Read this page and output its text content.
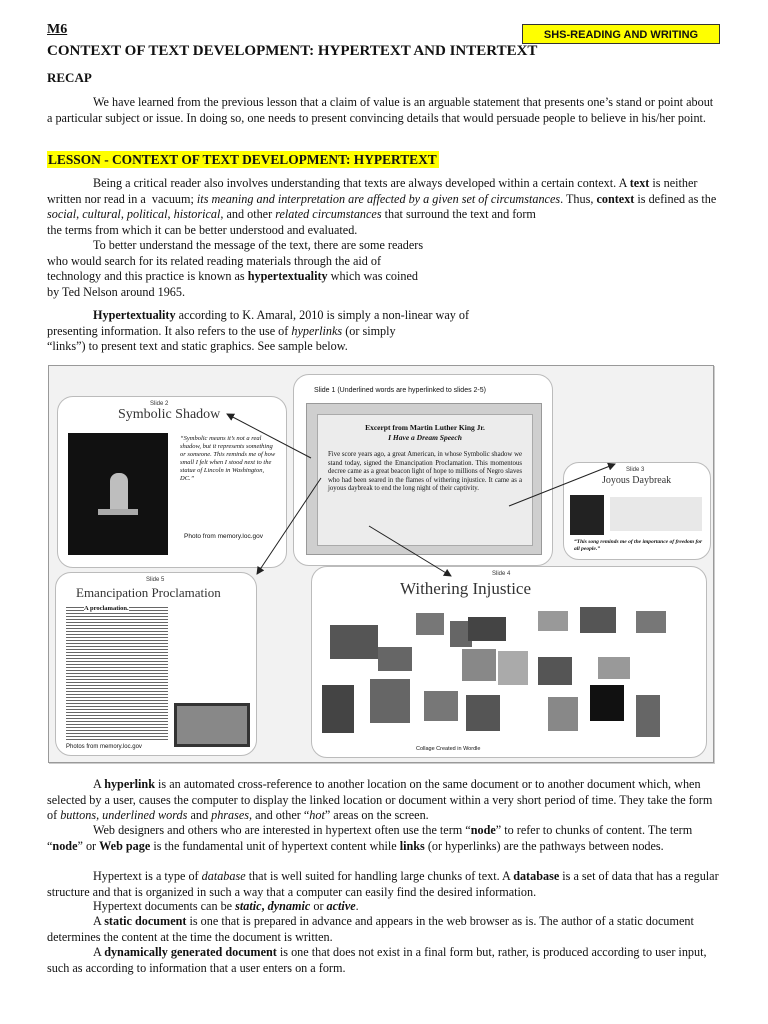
M6	SHS-READING AND WRITING
CONTEXT OF TEXT DEVELOPMENT: HYPERTEXT AND INTERTEXT
RECAP
We have learned from the previous lesson that a claim of value is an arguable statement that presents one’s stand or point about a particular subject or issue. In doing so, one needs to present convincing details that would persuade people to believe in his/her point.
LESSON - CONTEXT OF TEXT DEVELOPMENT: HYPERTEXT
Being a critical reader also involves understanding that texts are always developed within a certain context. A text is neither written nor read in a  vacuum; its meaning and interpretation are affected by a given set of circumstances. Thus, context is defined as the social, cultural, political, historical, and other related circumstances that surround the text and form
the terms from which it can be better understood and evaluated.
To better understand the message of the text, there are some readers
who would search for its related reading materials through the aid of
technology and this practice is known as hypertextuality which was coined
by Ted Nelson around 1965.
Hypertextuality according to K. Amaral, 2010 is simply a non-linear way of
presenting information. It also refers to the use of hyperlinks (or simply
“links”) to present text and static graphics. See sample below.
Slide 2
Symbolic Shadow
“Symbolic means it’s not a real shadow, but it represents something or someone. This reminds me of how small I felt when I stood next to the statue of Lincoln in Washington, DC.”
Photo from memory.loc.gov
Slide 1 (Underlined words are hyperlinked to slides 2-5)
Excerpt from Martin Luther King Jr.
I Have a Dream Speech
Five score years ago, a great American, in whose Symbolic shadow we stand today, signed the Emancipation Proclamation. This momentous decree came as a great beacon light of hope to millions of Negro slaves who had been seared in the flames of withering injustice. It came as a joyous daybreak to end the long night of their captivity.
Slide 3
Joyous Daybreak
“This song reminds me of the importance of freedom for all people.”
Slide 5
Emancipation Proclamation
A proclamation.
Photos from memory.loc.gov
Slide 4
Withering Injustice
Collage Created in Wordle
A hyperlink is an automated cross-reference to another location on the same document or to another document which, when selected by a user, causes the computer to display the linked location or document within a very short period of time. They take the form of buttons, underlined words and phrases, and other “hot” areas on the screen.
Web designers and others who are interested in hypertext often use the term “node” to refer to chunks of content. The term “node” or Web page is the fundamental unit of hypertext content while links (or hyperlinks) are the pathways between nodes.
Hypertext is a type of database that is well suited for handling large chunks of text. A database is a set of data that has a regular structure and that is organized in such a way that a computer can easily find the desired information.
Hypertext documents can be static, dynamic or active.
A static document is one that is prepared in advance and appears in the web browser as is. The author of a static document determines the content at the time the document is written.
A dynamically generated document is one that does not exist in a final form but, rather, is produced according to user input, such as according to information that a user enters on a form.
